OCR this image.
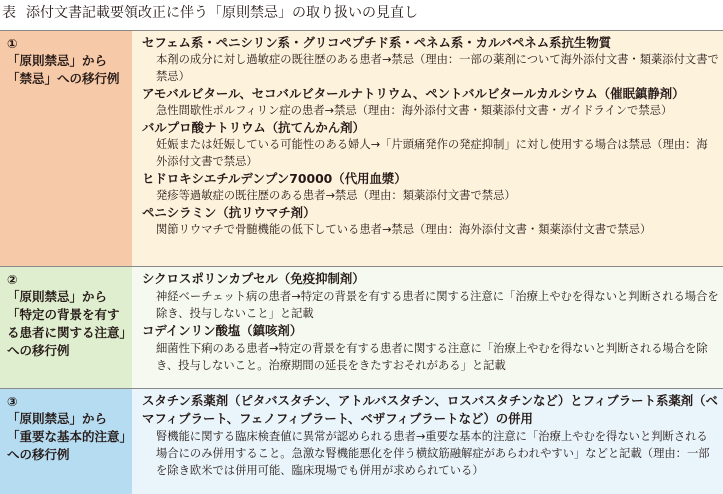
表 添付文書記載要領改正に伴う「原則禁忌」の取り扱いの見直し
①
「原則禁忌」から「禁忌」への移行例
セフェム系・ペニシリン系・グリコペプチド系・ペネム系・カルバペネム系抗生物質
本剤の成分に対し過敏症の既往歴のある患者→禁忌（理由：一部の薬剤について海外添付文書・類薬添付文書で禁忌）
アモバルビタール、セコバルビタールナトリウム、ペントバルビタールカルシウム（催眠鎮静剤）
急性間歇性ポルフィリン症の患者→禁忌（理由：海外添付文書・類薬添付文書・ガイドラインで禁忌）
バルプロ酸ナトリウム（抗てんかん剤）
妊娠または妊娠している可能性のある婦人→「片頭痛発作の発症抑制」に対し使用する場合は禁忌（理由：海外添付文書で禁忌）
ヒドロキシエチルデンプン70000（代用血漿）
発疹等過敏症の既往歴のある患者→禁忌（理由：類薬添付文書で禁忌）
ペニシラミン（抗リウマチ剤）
関節リウマチで骨髄機能の低下している患者→禁忌（理由：海外添付文書・類薬添付文書で禁忌）
②
「原則禁忌」から「特定の背景を有する患者に関する注意」への移行例
シクロスポリンカプセル（免疫抑制剤）
神経ベーチェット病の患者→特定の背景を有する患者に関する注意に「治療上やむを得ないと判断される場合を除き、投与しないこと」と記載
コデインリン酸塩（鎮咳剤）
細菌性下痢のある患者→特定の背景を有する患者に関する注意に「治療上やむを得ないと判断される場合を除き、投与しないこと。治療期間の延長をきたすおそれがある」と記載
③
「原則禁忌」から「重要な基本的注意」への移行例
スタチン系薬剤（ピタバスタチン、アトルバスタチン、ロスバスタチンなど）とフィブラート系薬剤（ベマフィブラート、フェノフィブラート、ベザフィブラートなど）の併用
腎機能に関する臨床検査値に異常が認められる患者→重要な基本的注意に「治療上やむを得ないと判断される場合にのみ併用すること。急激な腎機能悪化を伴う横紋筋融解症があらわれやすい」などと記載（理由：一部を除き欧米では併用可能、臨床現場でも併用が求められている）
